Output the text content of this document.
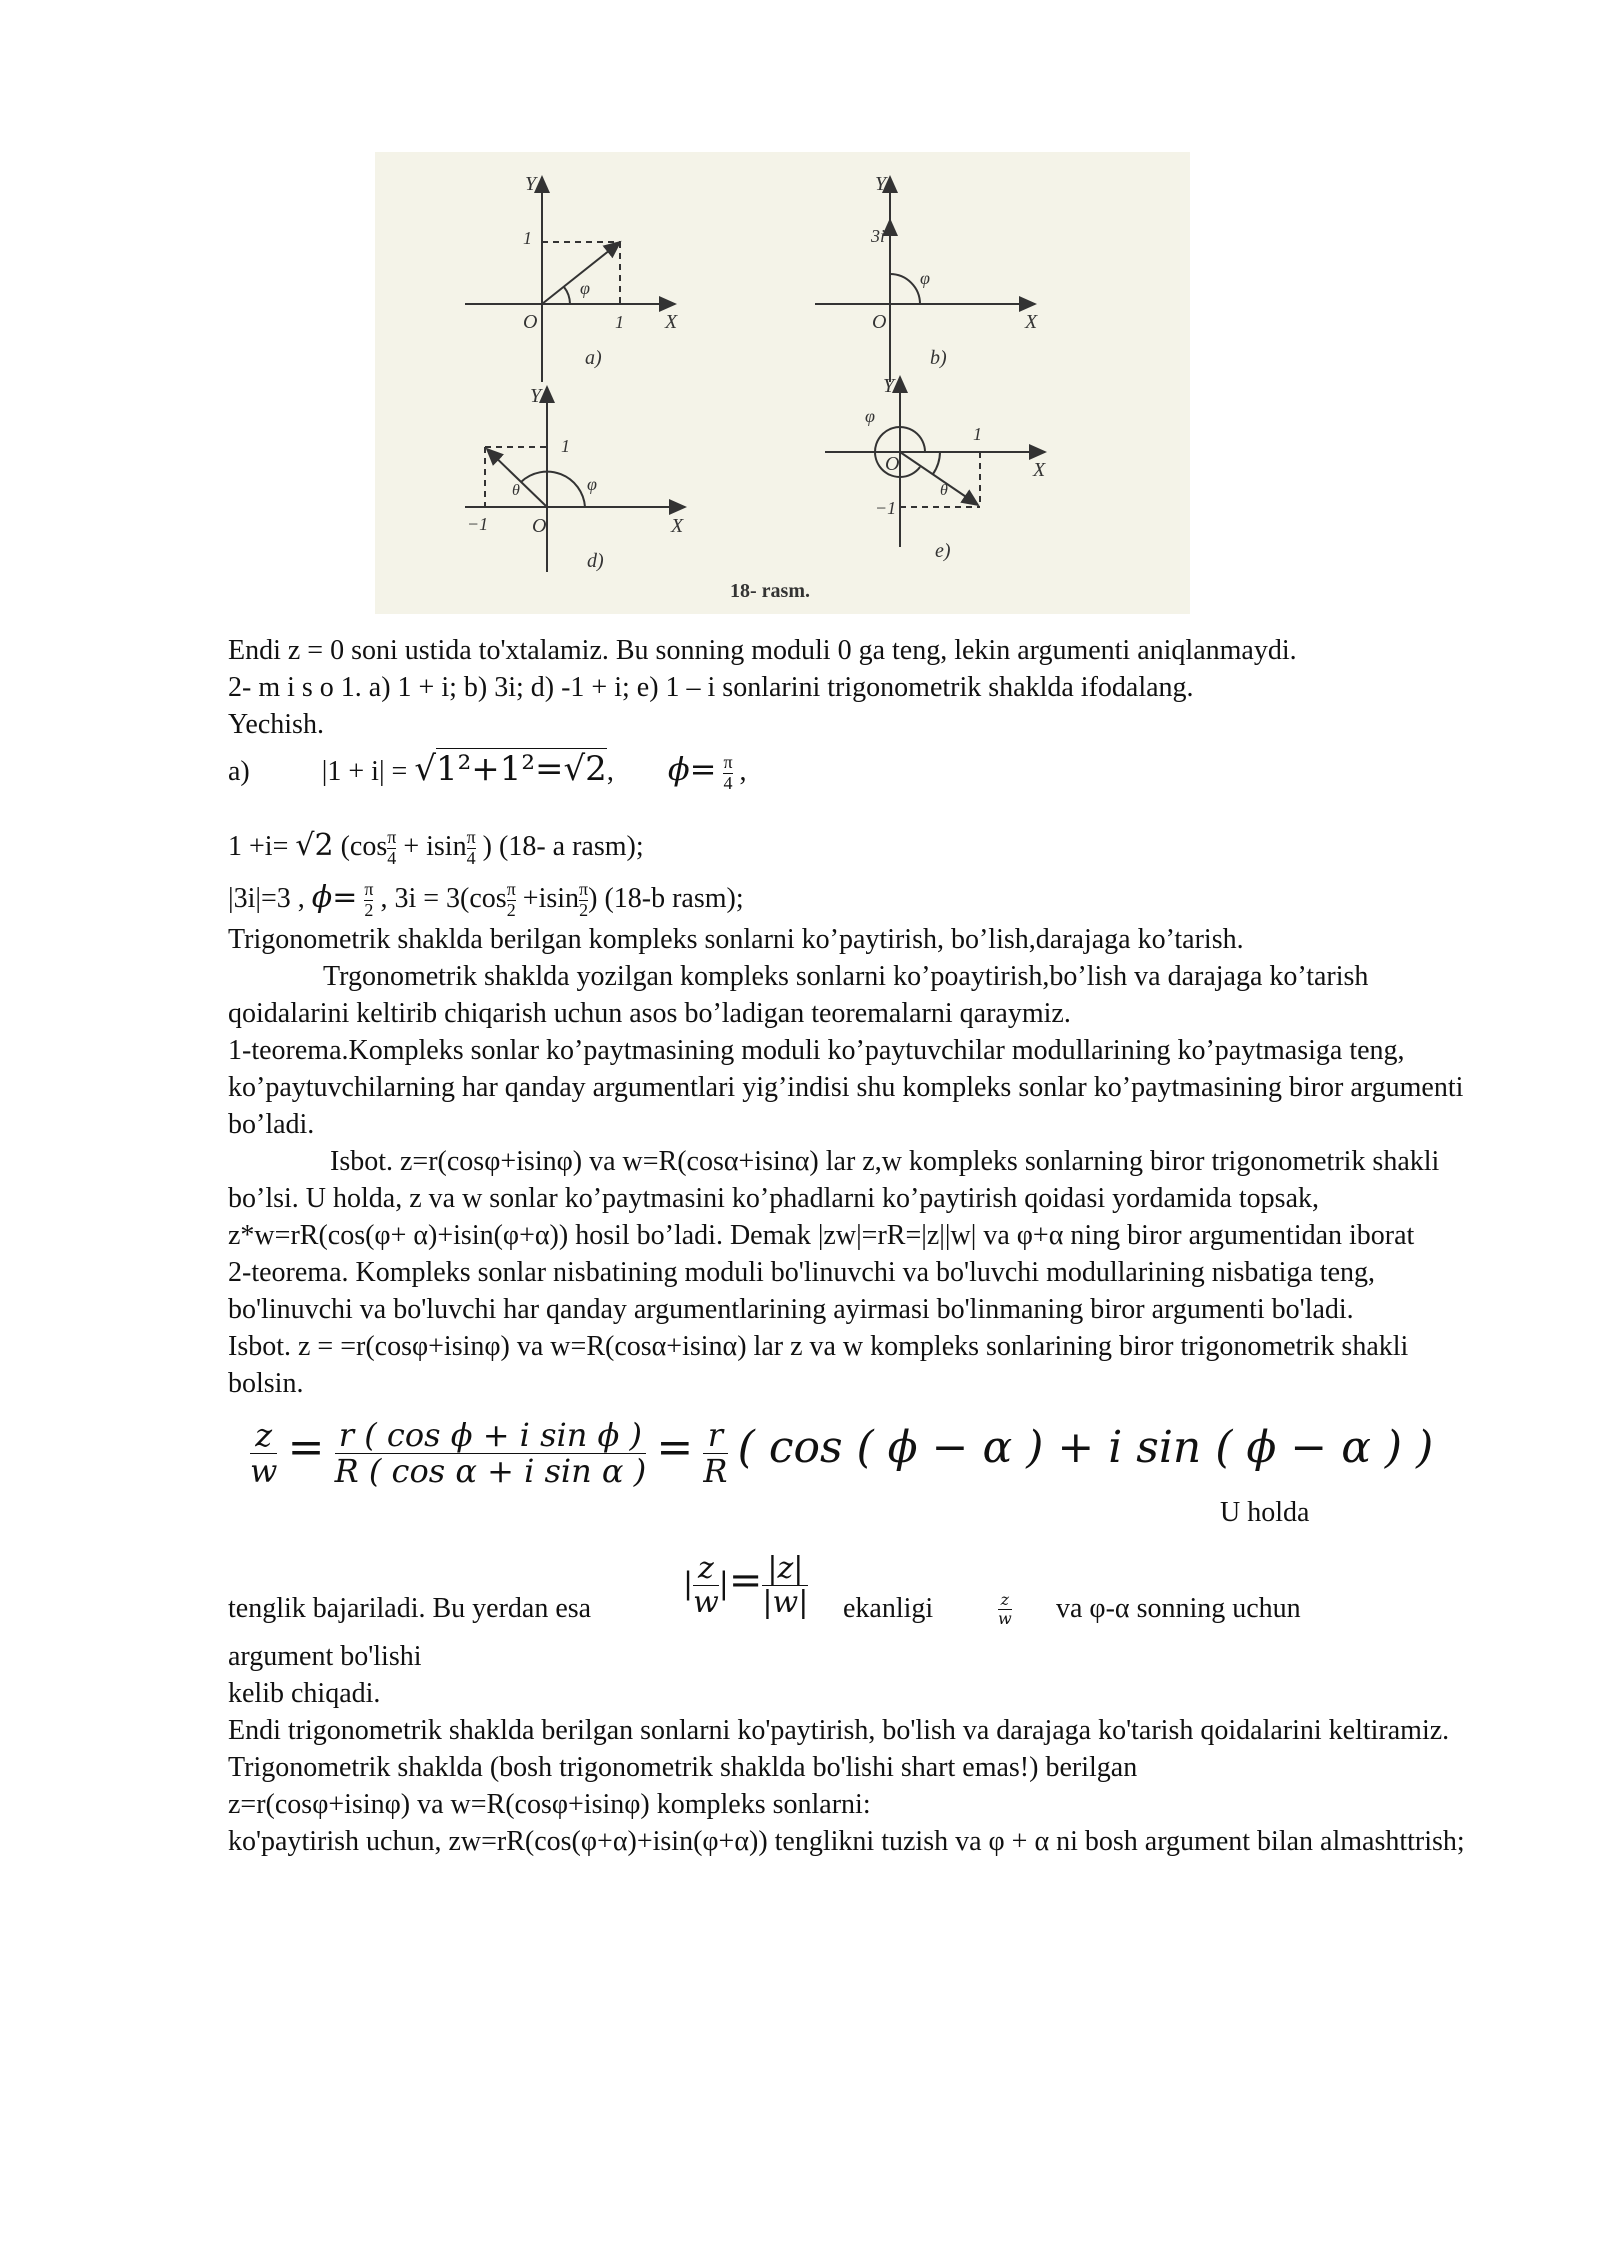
Y
1
O	1 X
φ
a)
Y
3i
O	X
φ
b)
Y
1
−1 O	X
φ
θ
d)
Y
φ
O
1
−1
θ
X
e)
18- rasm.
Endi z = 0 soni ustida to'xtalamiz. Bu sonning moduli 0 ga teng, lekin argumenti aniqlanmaydi.
2- m i s o 1. a) 1 + i; b) 3i; d) -1 + i; e) 1 – i sonlarini trigonometrik shaklda ifodalang.
Yechish.
a)	|1 + i| = √1²+1²=√2, $\phi= \frac{\pi}{4}$ ,
1 +i= √2 ($\cos \frac{\pi}{4} + isin \frac{\pi}{4}$ ) (18- a rasm);
|3i|=3 , $\phi= \frac{\pi}{2}$ , $3i = 3(\cos \frac{\pi}{2} +isin \frac{\pi}{2}$ ) (18-b rasm);
Trigonometrik shaklda berilgan kompleks sonlarni ko’paytirish, bo’lish,darajaga ko’tarish.
Trgonometrik shaklda yozilgan kompleks sonlarni ko’poaytirish,bo’lish va darajaga ko’tarish qoidalarini keltirib chiqarish uchun asos bo’ladigan teoremalarni qaraymiz.
1-teorema.Kompleks sonlar ko’paytmasining moduli ko’paytuvchilar modullarining ko’paytmasiga teng, ko’paytuvchilarning har qanday argumentlari yig’indisi shu kompleks sonlar ko’paytmasining biror argumenti bo’ladi.
Isbot. z=r(cosφ+isinφ) va w=R(cosα+isinα) lar z,w kompleks sonlarning biror trigonometrik shakli bo’lsi. U holda, z va w sonlar ko’paytmasini ko’phadlarni ko’paytirish qoidasi yordamida topsak, z*w=rR(cos(φ+ α)+isin(φ+α)) hosil bo’ladi. Demak |zw|=rR=|z||w| va φ+α ning biror argumentidan iborat
2-teorema. Kompleks sonlar nisbatining moduli bo'linuvchi va bo'luvchi modullarining nisbatiga teng, bo'linuvchi va bo'luvchi har qanday argumentlarining ayirmasi bo'linmaning biror argumenti bo'ladi.
Isbot. z = =r(cosφ+isinφ) va w=R(cosα+isinα) lar z va w kompleks sonlarining biror trigonometrik shakli bolsin.
$\frac{z}{w} = \frac{\text{r ( cos ϕ + i sin ϕ )}}{\text{R ( cos α + i sin α )}} = \frac{r}{R}$ ( cos ( ϕ − α ) + i sin ( ϕ − α ) )
U holda
tenglik bajariladi. Bu yerdan esa
| $\frac{z}{w}$ |= $\frac{|z|}{|w|}$ ekanligi	$\frac{z}{w}$ va φ-α sonning uchun
argument bo'lishi
kelib chiqadi.
Endi trigonometrik shaklda berilgan sonlarni ko'paytirish, bo'lish va darajaga ko'tarish qoidalarini keltiramiz.
Trigonometrik shaklda (bosh trigonometrik shaklda bo'lishi shart emas!) berilgan
z=r(cosφ+isinφ) va w=R(cosφ+isinφ) kompleks sonlarni:
ko'paytirish uchun, zw=rR(cos(φ+α)+isin(φ+α)) tenglikni tuzish va φ + α ni bosh argument bilan almashttrish;
